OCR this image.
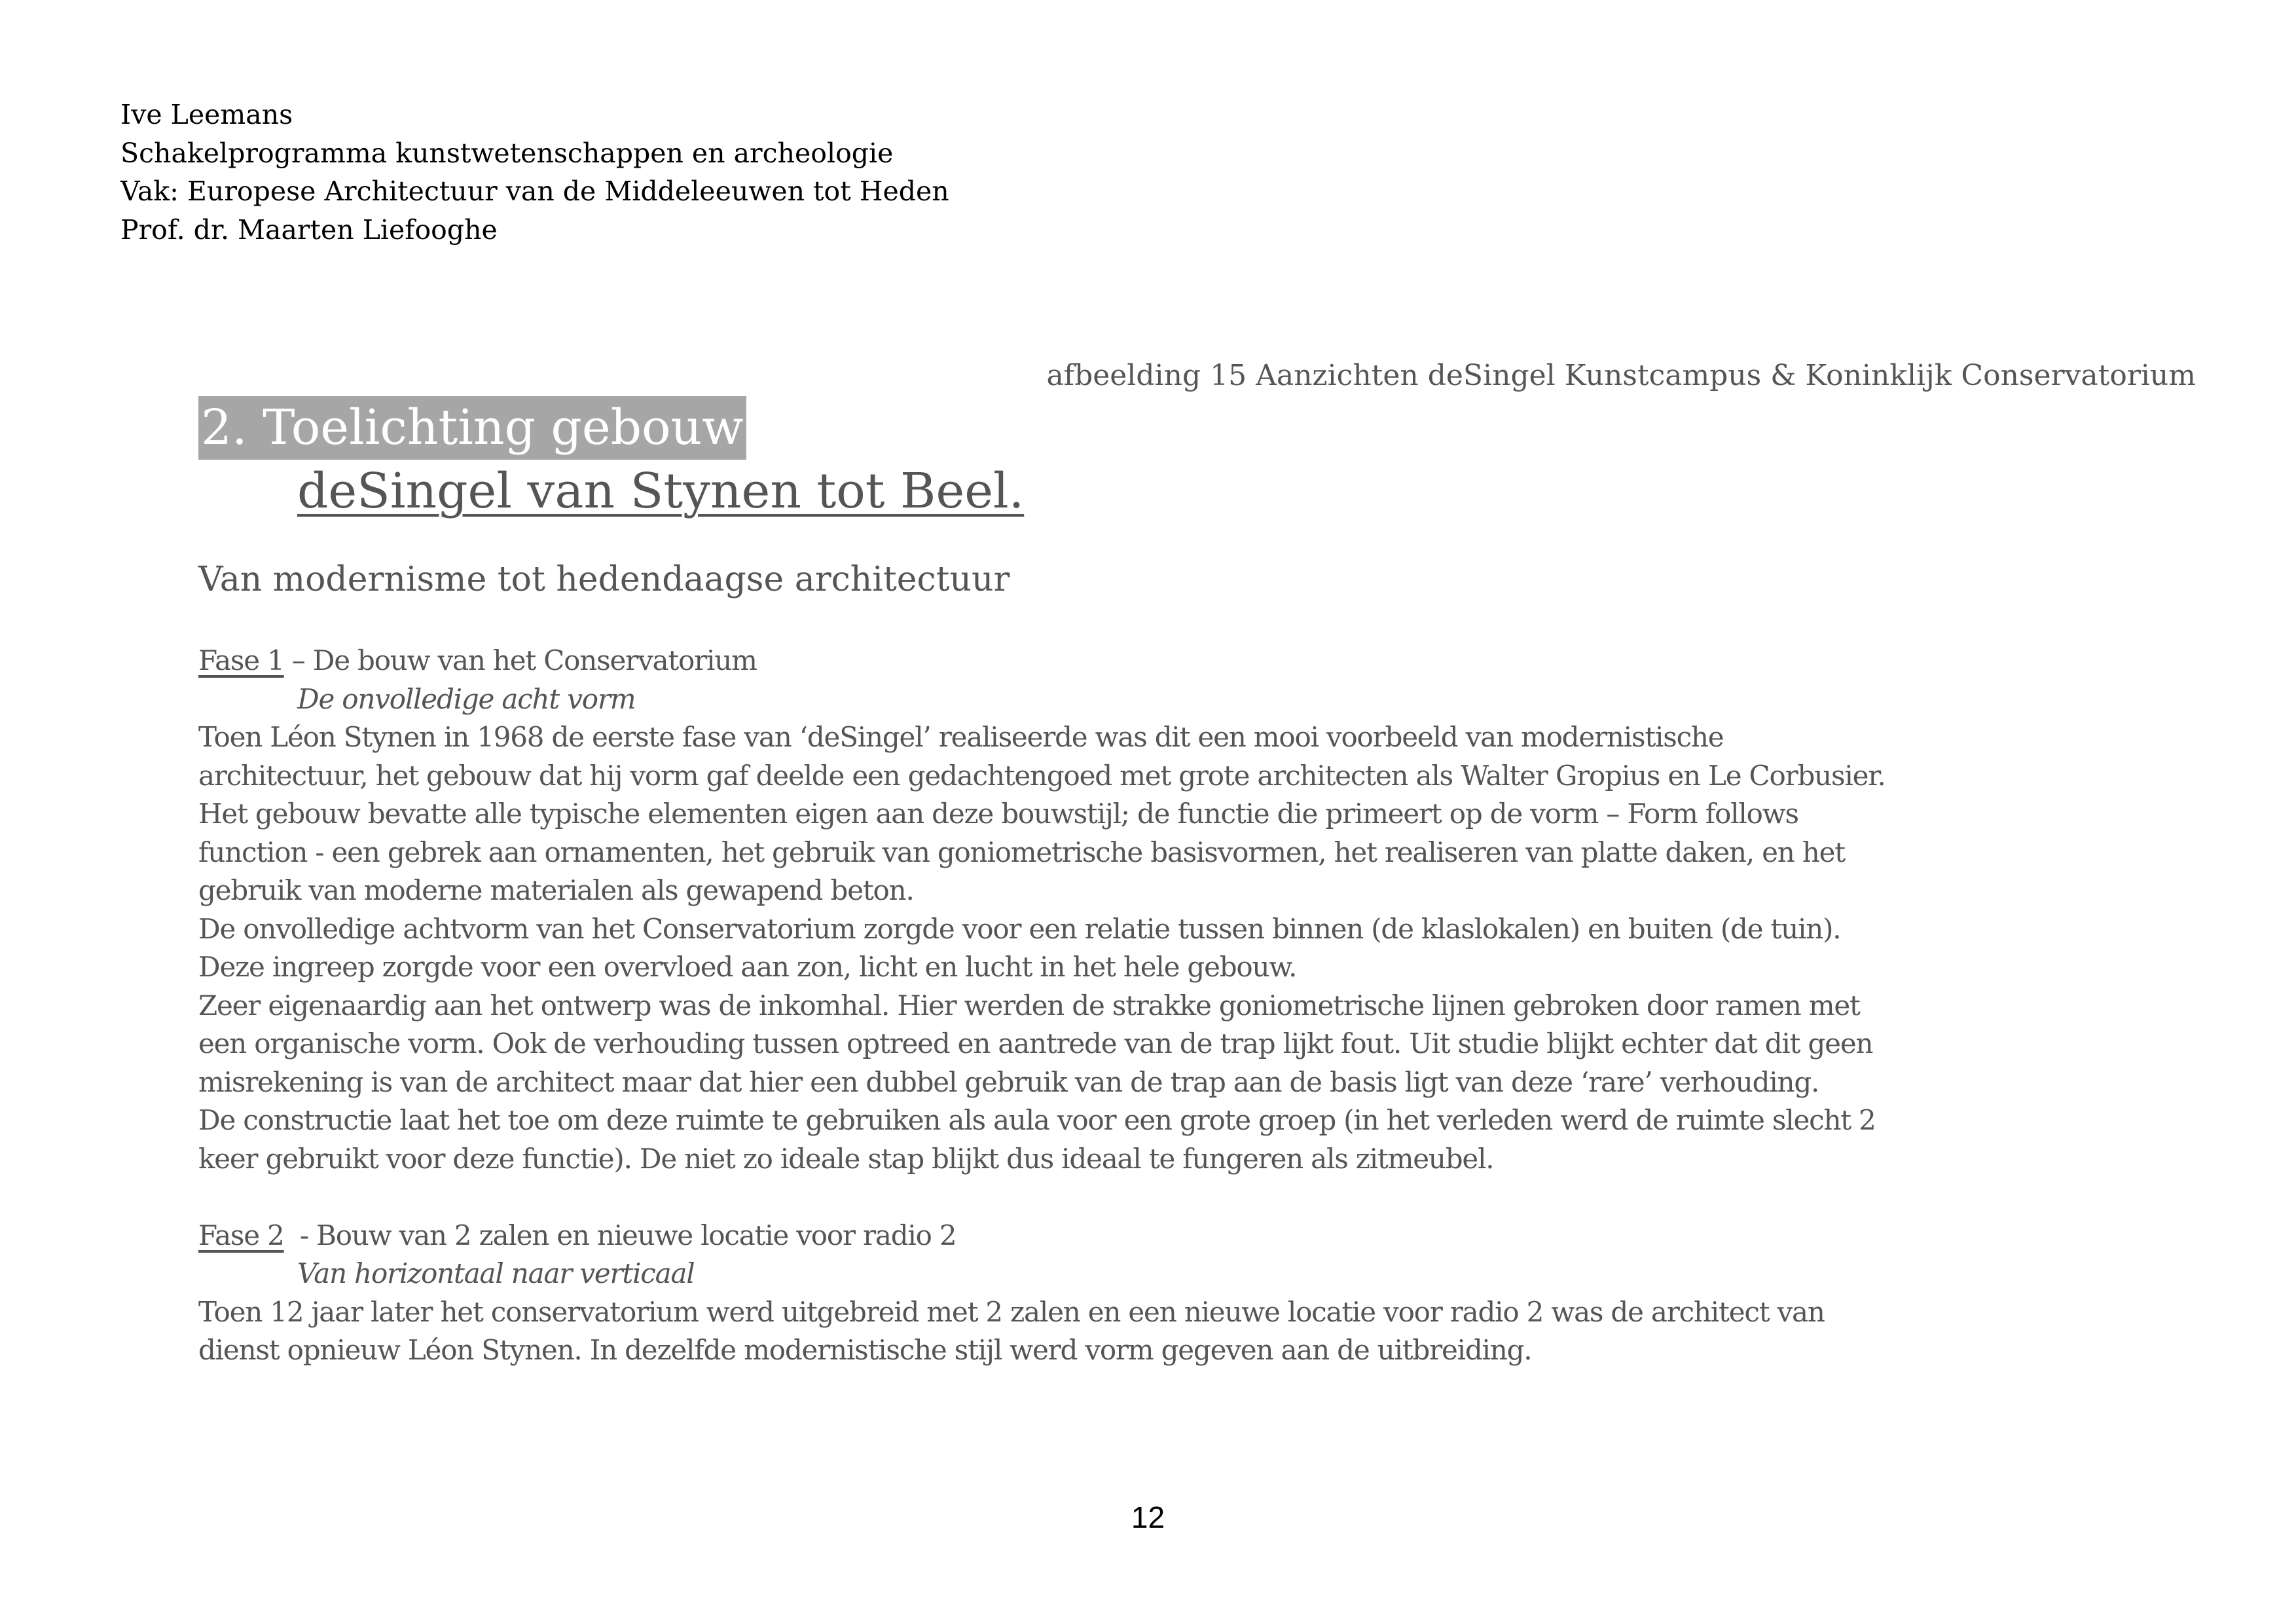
Ive Leemans
Schakelprogramma kunstwetenschappen en archeologie
Vak: Europese Architectuur van de Middeleeuwen tot Heden
Prof. dr. Maarten Liefooghe
afbeelding 15 Aanzichten deSingel Kunstcampus & Koninklijk Conservatorium
2. Toelichting gebouw
deSingel van Stynen tot Beel.
Van modernisme tot hedendaagse architectuur
Fase 1 – De bouw van het Conservatorium
De onvolledige acht vorm
Toen Léon Stynen in 1968 de eerste fase van ‘deSingel’ realiseerde was dit een mooi voorbeeld van modernistische
architectuur, het gebouw dat hij vorm gaf deelde een gedachtengoed met grote architecten als Walter Gropius en Le Corbusier.
Het gebouw bevatte alle typische elementen eigen aan deze bouwstijl; de functie die primeert op de vorm – Form follows
function - een gebrek aan ornamenten, het gebruik van goniometrische basisvormen, het realiseren van platte daken, en het
gebruik van moderne materialen als gewapend beton.
De onvolledige achtvorm van het Conservatorium zorgde voor een relatie tussen binnen (de klaslokalen) en buiten (de tuin).
Deze ingreep zorgde voor een overvloed aan zon, licht en lucht in het hele gebouw.
Zeer eigenaardig aan het ontwerp was de inkomhal. Hier werden de strakke goniometrische lijnen gebroken door ramen met
een organische vorm. Ook de verhouding tussen optreed en aantrede van de trap lijkt fout. Uit studie blijkt echter dat dit geen
misrekening is van de architect maar dat hier een dubbel gebruik van de trap aan de basis ligt van deze ‘rare’ verhouding.
De constructie laat het toe om deze ruimte te gebruiken als aula voor een grote groep (in het verleden werd de ruimte slecht 2
keer gebruikt voor deze functie). De niet zo ideale stap blijkt dus ideaal te fungeren als zitmeubel.
Fase 2  - Bouw van 2 zalen en nieuwe locatie voor radio 2
Van horizontaal naar verticaal
Toen 12 jaar later het conservatorium werd uitgebreid met 2 zalen en een nieuwe locatie voor radio 2 was de architect van
dienst opnieuw Léon Stynen. In dezelfde modernistische stijl werd vorm gegeven aan de uitbreiding.
12
